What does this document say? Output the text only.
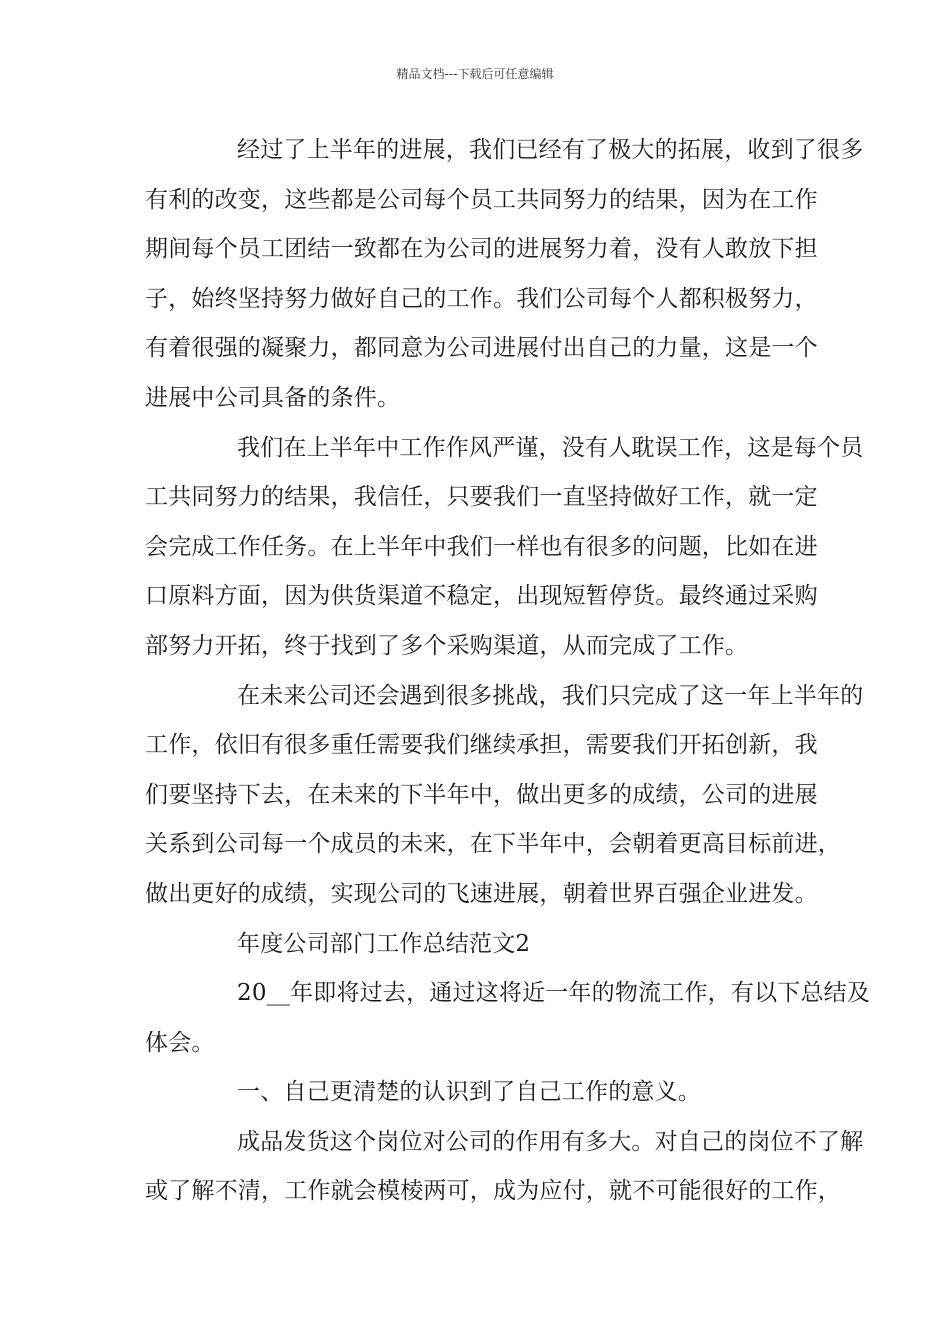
精品文档---下载后可任意编辑

经过了上半年的进展，我们已经有了极大的拓展，收到了很多
有利的改变，这些都是公司每个员工共同努力的结果，因为在工作
期间每个员工团结一致都在为公司的进展努力着，没有人敢放下担
子，始终坚持努力做好自己的工作。我们公司每个人都积极努力，
有着很强的凝聚力，都同意为公司进展付出自己的力量，这是一个
进展中公司具备的条件。

我们在上半年中工作作风严谨，没有人耽误工作，这是每个员
工共同努力的结果，我信任，只要我们一直坚持做好工作，就一定
会完成工作任务。在上半年中我们一样也有很多的问题，比如在进
口原料方面，因为供货渠道不稳定，出现短暂停货。最终通过采购
部努力开拓，终于找到了多个采购渠道，从而完成了工作。

在未来公司还会遇到很多挑战，我们只完成了这一年上半年的
工作，依旧有很多重任需要我们继续承担，需要我们开拓创新，我
们要坚持下去，在未来的下半年中，做出更多的成绩，公司的进展
关系到公司每一个成员的未来，在下半年中，会朝着更高目标前进，
做出更好的成绩，实现公司的飞速进展，朝着世界百强企业进发。

年度公司部门工作总结范文2

20__年即将过去，通过这将近一年的物流工作，有以下总结及
体会。

一、自己更清楚的认识到了自己工作的意义。

成品发货这个岗位对公司的作用有多大。对自己的岗位不了解
或了解不清，工作就会模棱两可，成为应付，就不可能很好的工作，
